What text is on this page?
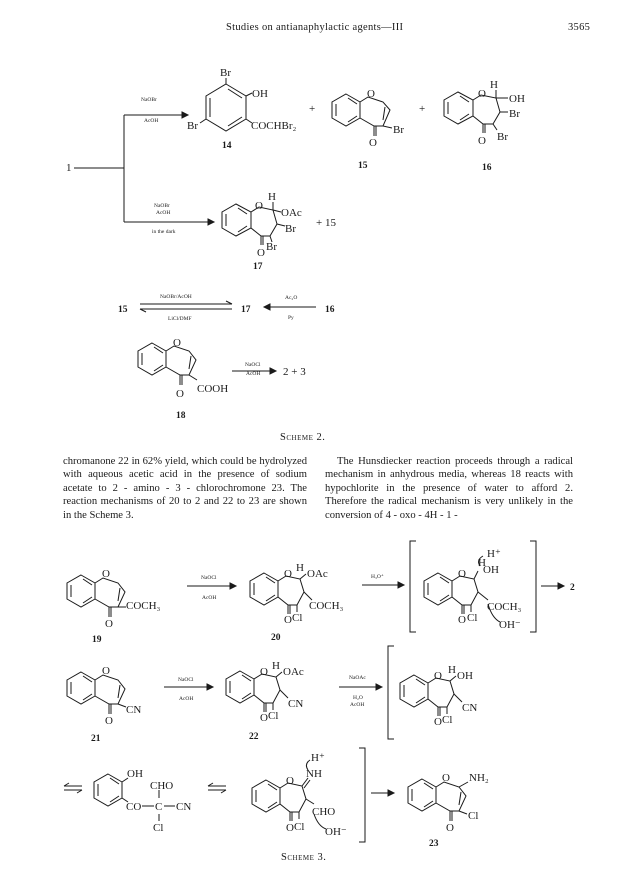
Studies on antianaphylactic agents—III	3565
1
NaOBr
AcOH
NaOBr
AcOH
in the dark
Br
OH
COCHBr₂
Br
14
+
O
O
Br
15
+
H
O OH
Br
Br
O
16
H
O
OAc
Br
Br
O
17
+ 15
15
NaOBr/AcOH
LiCl/DMF
17
Ac₂O
Py
16
O
COOH
O
18
NaOCl
AcOH 2 + 3
Scheme 2.

chromanone 22 in 62% yield, which could be hydrolyzed with aqueous acetic acid in the presence of sodium acetate to 2 - amino - 3 - chlorochromone 23. The reaction mechanisms of 20 to 2 and 22 to 23 are shown in the Scheme 3.

The Hunsdiecker reaction proceeds through a radical mechanism in anhydrous media, whereas 18 reacts with hypochlorite in the presence of water to afford 2. Therefore the radical mechanism is very unlikely in the conversion of 4 - oxo - 4H - 1 -

O
COCH₃
O
19
NaOCl
AcOH
H
O OAc
COCH₃
Cl
O
20
H₃O⁺
H
H⁺
O OH
COCH₃
Cl
O	OH⁻
2
O
CN
O
21
NaOCl
AcOH
H
O OAc
CN
Cl
O
22
NaOAc
H₂O
AcOH
H
O OH
CN
Cl
O
OH
CHO
CO C CN
Cl
H⁺
O
NH
CHO
Cl
O	OH⁻
O NH₂
Cl
O
23
Scheme 3.
